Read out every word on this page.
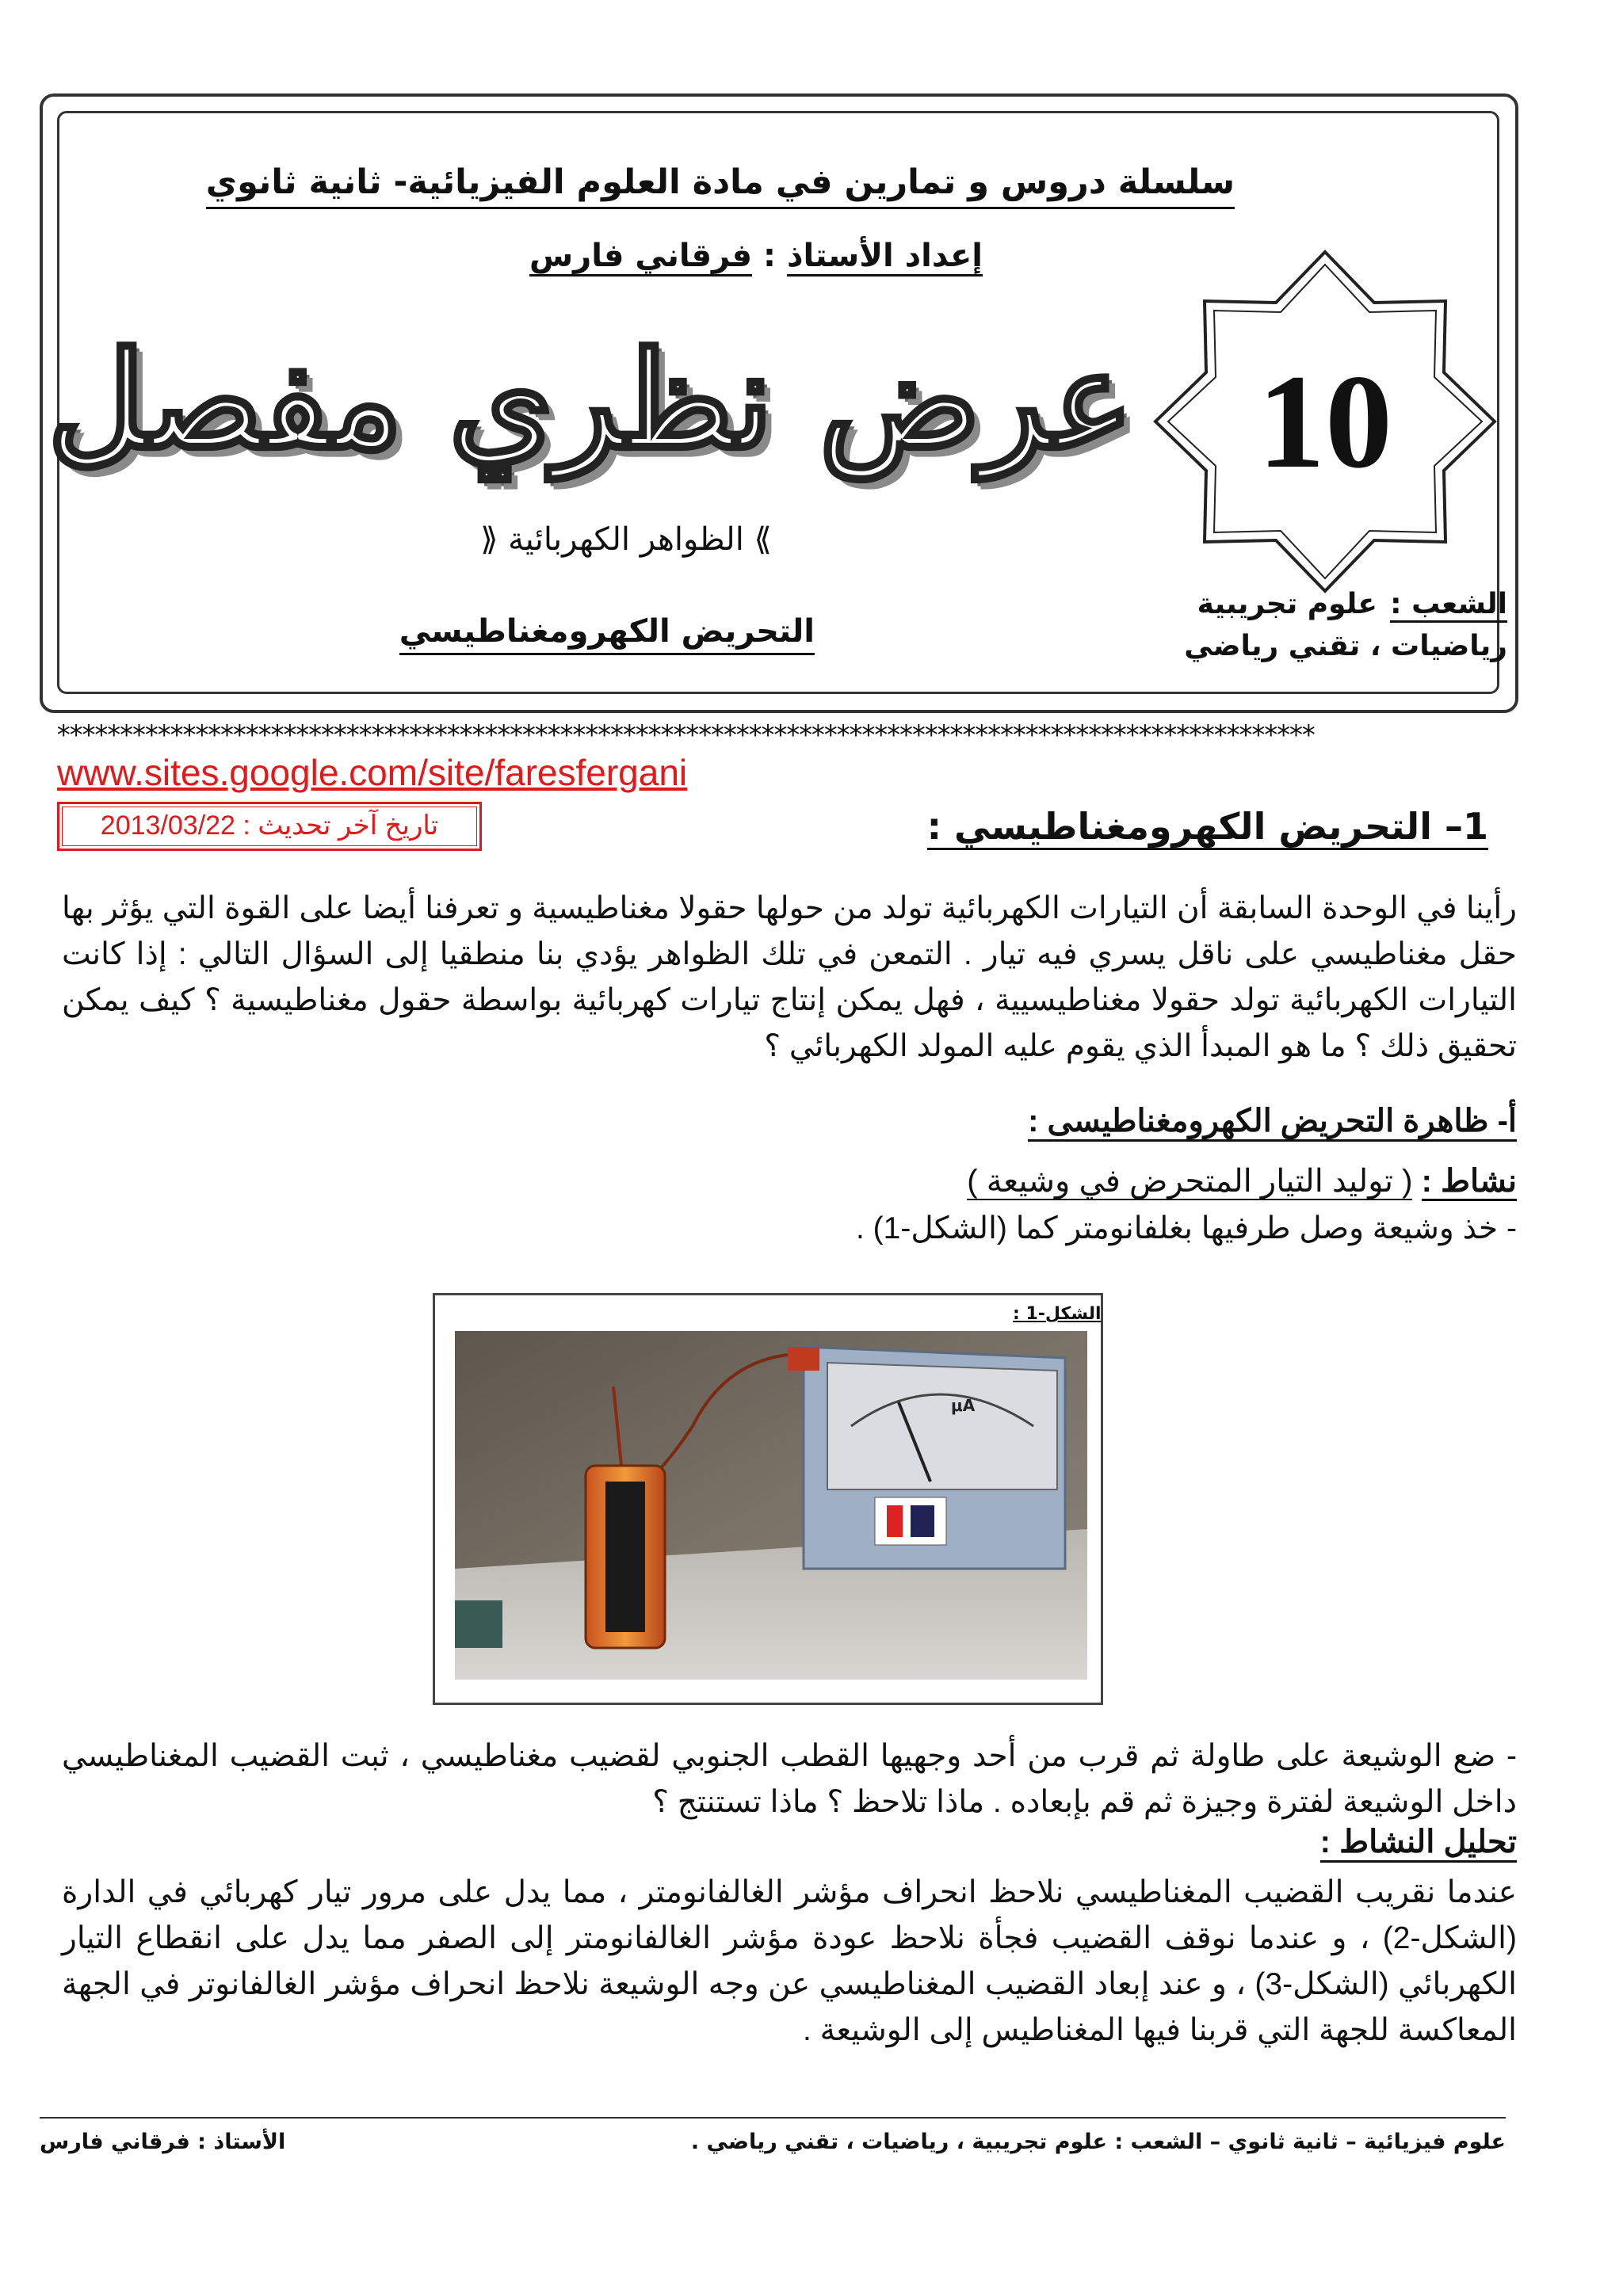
سلسلة دروس و تمارين في مادة العلوم الفيزيائية- ثانية ثانوي
إعداد الأستاذ : فرقاني فارس
عرض نظري مفصل
⟫ الظواهر الكهربائية ⟪
التحريض الكهرومغناطيسي
10
الشعب :
علوم تجريبية
رياضيات ، تقني رياضي
****************************************************************************************************
www.sites.google.com/site/faresfergani
تاريخ آخر تحديث : 2013/03/22	1– التحريض الكهرومغناطيسي :
رأينا في الوحدة السابقة أن التيارات الكهربائية تولد من حولها حقولا مغناطيسية و تعرفنا أيضا على القوة التي يؤثر بها حقل مغناطيسي على ناقل يسري فيه تيار . التمعن في تلك الظواهر يؤدي بنا منطقيا إلى السؤال التالي : إذا كانت التيارات الكهربائية تولد حقولا مغناطيسيية ، فهل يمكن إنتاج تيارات كهربائية بواسطة حقول مغناطيسية ؟ كيف يمكن تحقيق ذلك ؟ ما هو المبدأ الذي يقوم عليه المولد الكهربائي ؟
أ- ظاهرة التحريض الكهرومغناطيسى :
نشاط : ( توليد التيار المتحرض في وشيعة )
- خذ وشيعة وصل طرفيها بغلفانومتر كما (الشكل-1) .
الشكل-1 :
μA
- ضع الوشيعة على طاولة ثم قرب من أحد وجهيها القطب الجنوبي لقضيب مغناطيسي ، ثبت القضيب المغناطيسي داخل الوشيعة لفترة وجيزة ثم قم بإبعاده . ماذا تلاحظ ؟ ماذا تستنتج ؟
تحليل النشاط :
عندما نقريب القضيب المغناطيسي نلاحظ انحراف مؤشر الغالفانومتر ، مما يدل على مرور تيار كهربائي في الدارة (الشكل-2) ، و عندما نوقف القضيب فجأة نلاحظ عودة مؤشر الغالفانومتر إلى الصفر مما يدل على انقطاع التيار الكهربائي (الشكل-3) ، و عند إبعاد القضيب المغناطيسي عن وجه الوشيعة نلاحظ انحراف مؤشر الغالفانوتر في الجهة المعاكسة للجهة التي قربنا فيها المغناطيس إلى الوشيعة .
علوم فيزيائية – ثانية ثانوي – الشعب : علوم تجريبية ، رياضيات ، تقني رياضي .
الأستاذ : فرقاني فارس
